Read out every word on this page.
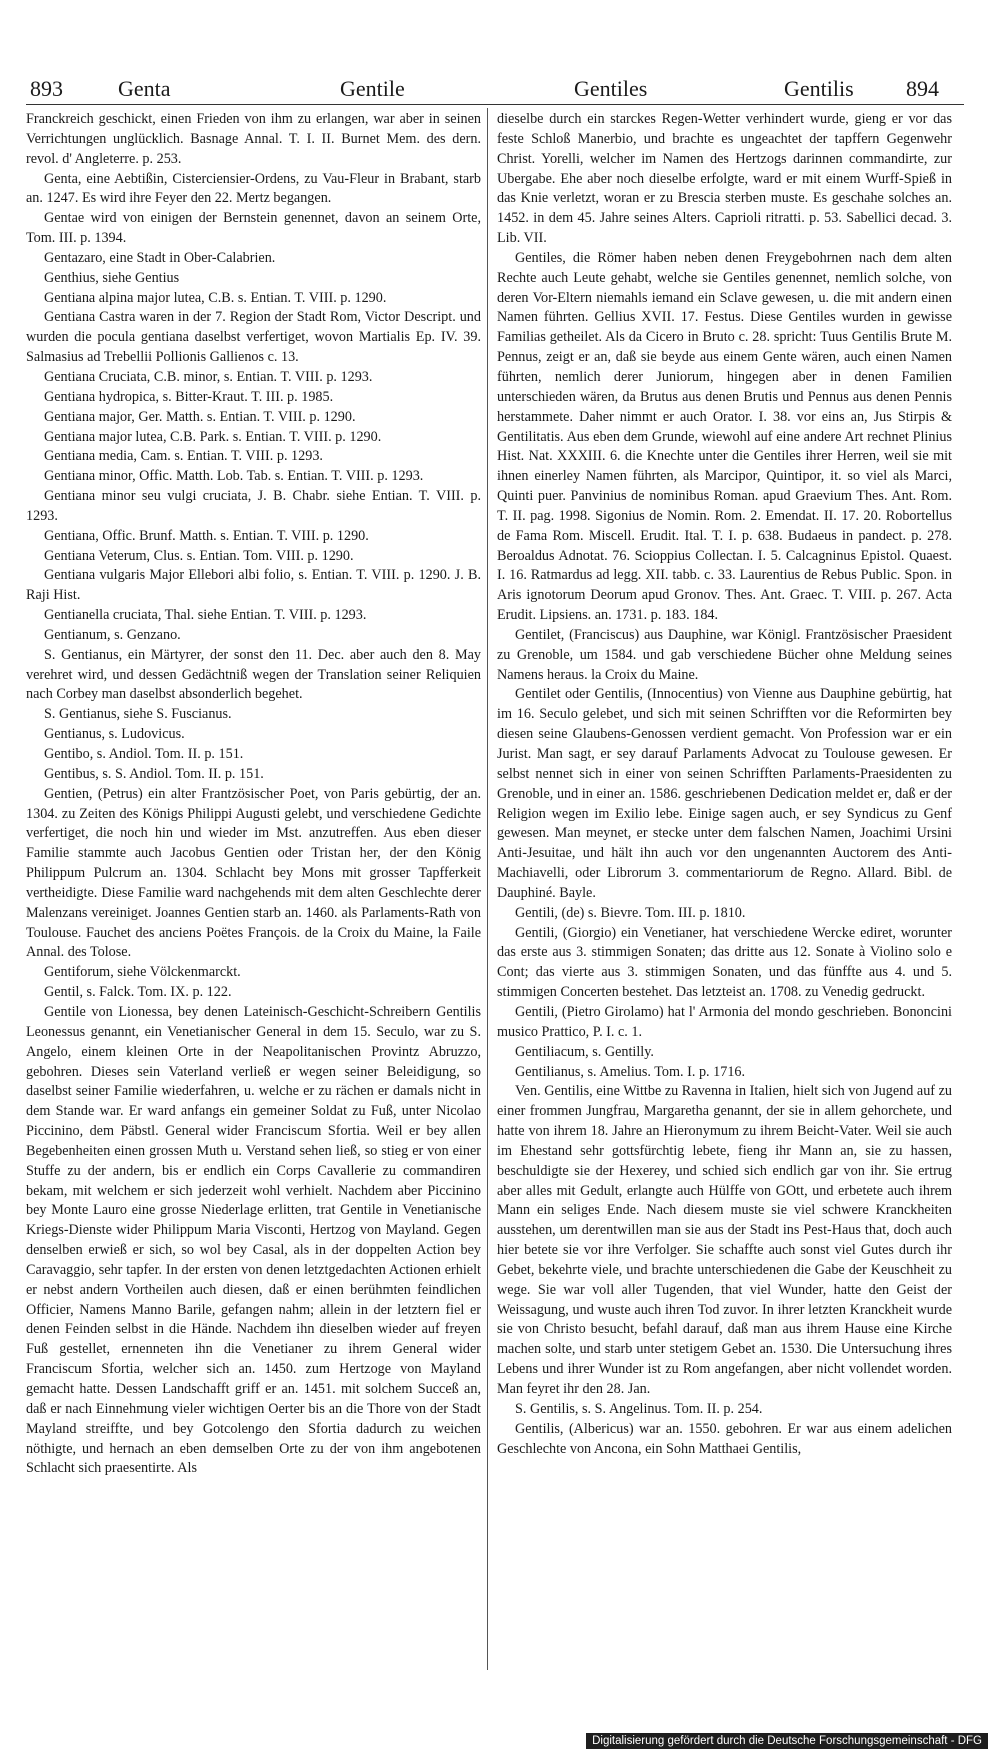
893	Genta	Gentile	Gentiles	Gentilis 894

Franckreich geschickt, einen Frieden von ihm zu erlangen, war aber in seinen Verrichtungen unglücklich. Basnage Annal. T. I. II. Burnet Mem. des dern. revol. d' Angleterre. p. 253.

Genta, eine Aebtißin, Cisterciensier-Ordens, zu Vau-Fleur in Brabant, starb an. 1247. Es wird ihre Feyer den 22. Mertz begangen.

Gentae wird von einigen der Bernstein genennet, davon an seinem Orte, Tom. III. p. 1394.

Gentazaro, eine Stadt in Ober-Calabrien.

Genthius, siehe Gentius

Gentiana alpina major lutea, C.B. s. Entian. T. VIII. p. 1290.

Gentiana Castra waren in der 7. Region der Stadt Rom, Victor Descript. und wurden die pocula gentiana daselbst verfertiget, wovon Martialis Ep. IV. 39. Salmasius ad Trebellii Pollionis Gallienos c. 13.

Gentiana Cruciata, C.B. minor, s. Entian. T. VIII. p. 1293.

Gentiana hydropica, s. Bitter-Kraut. T. III. p. 1985.

Gentiana major, Ger. Matth. s. Entian. T. VIII. p. 1290.

Gentiana major lutea, C.B. Park. s. Entian. T. VIII. p. 1290.

Gentiana media, Cam. s. Entian. T. VIII. p. 1293.

Gentiana minor, Offic. Matth. Lob. Tab. s. Entian. T. VIII. p. 1293.

Gentiana minor seu vulgi cruciata, J. B. Chabr. siehe Entian. T. VIII. p. 1293.

Gentiana, Offic. Brunf. Matth. s. Entian. T. VIII. p. 1290.

Gentiana Veterum, Clus. s. Entian. Tom. VIII. p. 1290.

Gentiana vulgaris Major Ellebori albi folio, s. Entian. T. VIII. p. 1290. J. B. Raji Hist.

Gentianella cruciata, Thal. siehe Entian. T. VIII. p. 1293.

Gentianum, s. Genzano.

S. Gentianus, ein Märtyrer, der sonst den 11. Dec. aber auch den 8. May verehret wird, und dessen Gedächtniß wegen der Translation seiner Reliquien nach Corbey man daselbst absonderlich begehet.

S. Gentianus, siehe S. Fuscianus.

Gentianus, s. Ludovicus.

Gentibo, s. Andiol. Tom. II. p. 151.

Gentibus, s. S. Andiol. Tom. II. p. 151.

Gentien, (Petrus) ein alter Frantzösischer Poet, von Paris gebürtig, der an. 1304. zu Zeiten des Königs Philippi Augusti gelebt, und verschiedene Gedichte verfertiget, die noch hin und wieder im Mst. anzutreffen. Aus eben dieser Familie stammte auch Jacobus Gentien oder Tristan her, der den König Philippum Pulcrum an. 1304. Schlacht bey Mons mit grosser Tapfferkeit vertheidigte. Diese Familie ward nachgehends mit dem alten Geschlechte derer Malenzans vereiniget. Joannes Gentien starb an. 1460. als Parlaments-Rath von Toulouse. Fauchet des anciens Poëtes François. de la Croix du Maine, la Faile Annal. des Tolose.

Gentiforum, siehe Völckenmarckt.

Gentil, s. Falck. Tom. IX. p. 122.

Gentile von Lionessa, bey denen Lateinisch-Geschicht-Schreibern Gentilis Leonessus genannt, ein Venetianischer General in dem 15. Seculo, war zu S. Angelo, einem kleinen Orte in der Neapolitanischen Provintz Abruzzo, gebohren. Dieses sein Vaterland verließ er wegen seiner Beleidigung, so daselbst seiner Familie wiederfahren, u. welche er zu rächen er damals nicht in dem Stande war. Er ward anfangs ein gemeiner Soldat zu Fuß, unter Nicolao Piccinino, dem Päbstl. General wider Franciscum Sfortia. Weil er bey allen Begebenheiten einen grossen Muth u. Verstand sehen ließ, so stieg er von einer Stuffe zu der andern, bis er endlich ein Corps Cavallerie zu commandiren bekam, mit welchem er sich jederzeit wohl verhielt. Nachdem aber Piccinino bey Monte Lauro eine grosse Niederlage erlitten, trat Gentile in Venetianische Kriegs-Dienste wider Philippum Maria Visconti, Hertzog von Mayland. Gegen denselben erwieß er sich, so wol bey Casal, als in der doppelten Action bey Caravaggio, sehr tapfer. In der ersten von denen letztgedachten Actionen erhielt er nebst andern Vortheilen auch diesen, daß er einen berühmten feindlichen Officier, Namens Manno Barile, gefangen nahm; allein in der letztern fiel er denen Feinden selbst in die Hände. Nachdem ihn dieselben wieder auf freyen Fuß gestellet, ernenneten ihn die Venetianer zu ihrem General wider Franciscum Sfortia, welcher sich an. 1450. zum Hertzoge von Mayland gemacht hatte. Dessen Landschafft griff er an. 1451. mit solchem Succeß an, daß er nach Einnehmung vieler wichtigen Oerter bis an die Thore von der Stadt Mayland streiffte, und bey Gotcolengo den Sfortia dadurch zu weichen nöthigte, und hernach an eben demselben Orte zu der von ihm angebotenen Schlacht sich praesentirte. Als

dieselbe durch ein starckes Regen-Wetter verhindert wurde, gieng er vor das feste Schloß Manerbio, und brachte es ungeachtet der tapffern Gegenwehr Christ. Yorelli, welcher im Namen des Hertzogs darinnen commandirte, zur Ubergabe. Ehe aber noch dieselbe erfolgte, ward er mit einem Wurff-Spieß in das Knie verletzt, woran er zu Brescia sterben muste. Es geschahe solches an. 1452. in dem 45. Jahre seines Alters. Caprioli ritratti. p. 53. Sabellici decad. 3. Lib. VII.

Gentiles, die Römer haben neben denen Freygebohrnen nach dem alten Rechte auch Leute gehabt, welche sie Gentiles genennet, nemlich solche, von deren Vor-Eltern niemahls iemand ein Sclave gewesen, u. die mit andern einen Namen führten. Gellius XVII. 17. Festus. Diese Gentiles wurden in gewisse Familias getheilet. Als da Cicero in Bruto c. 28. spricht: Tuus Gentilis Brute M. Pennus, zeigt er an, daß sie beyde aus einem Gente wären, auch einen Namen führten, nemlich derer Juniorum, hingegen aber in denen Familien unterschieden wären, da Brutus aus denen Brutis und Pennus aus denen Pennis herstammete. Daher nimmt er auch Orator. I. 38. vor eins an, Jus Stirpis & Gentilitatis. Aus eben dem Grunde, wiewohl auf eine andere Art rechnet Plinius Hist. Nat. XXXIII. 6. die Knechte unter die Gentiles ihrer Herren, weil sie mit ihnen einerley Namen führten, als Marcipor, Quintipor, it. so viel als Marci, Quinti puer. Panvinius de nominibus Roman. apud Graevium Thes. Ant. Rom. T. II. pag. 1998. Sigonius de Nomin. Rom. 2. Emendat. II. 17. 20. Robortellus de Fama Rom. Miscell. Erudit. Ital. T. I. p. 638. Budaeus in pandect. p. 278. Beroaldus Adnotat. 76. Scioppius Collectan. I. 5. Calcagninus Epistol. Quaest. I. 16. Ratmardus ad legg. XII. tabb. c. 33. Laurentius de Rebus Public. Spon. in Aris ignotorum Deorum apud Gronov. Thes. Ant. Graec. T. VIII. p. 267. Acta Erudit. Lipsiens. an. 1731. p. 183. 184.

Gentilet, (Franciscus) aus Dauphine, war Königl. Frantzösischer Praesident zu Grenoble, um 1584. und gab verschiedene Bücher ohne Meldung seines Namens heraus. la Croix du Maine.

Gentilet oder Gentilis, (Innocentius) von Vienne aus Dauphine gebürtig, hat im 16. Seculo gelebet, und sich mit seinen Schrifften vor die Reformirten bey diesen seine Glaubens-Genossen verdient gemacht. Von Profession war er ein Jurist. Man sagt, er sey darauf Parlaments Advocat zu Toulouse gewesen. Er selbst nennet sich in einer von seinen Schrifften Parlaments-Praesidenten zu Grenoble, und in einer an. 1586. geschriebenen Dedication meldet er, daß er der Religion wegen im Exilio lebe. Einige sagen auch, er sey Syndicus zu Genf gewesen. Man meynet, er stecke unter dem falschen Namen, Joachimi Ursini Anti-Jesuitae, und hält ihn auch vor den ungenannten Auctorem des Anti-Machiavelli, oder Librorum 3. commentariorum de Regno. Allard. Bibl. de Dauphiné. Bayle.

Gentili, (de) s. Bievre. Tom. III. p. 1810.

Gentili, (Giorgio) ein Venetianer, hat verschiedene Wercke ediret, worunter das erste aus 3. stimmigen Sonaten; das dritte aus 12. Sonate à Violino solo e Cont; das vierte aus 3. stimmigen Sonaten, und das fünffte aus 4. und 5. stimmigen Concerten bestehet. Das letzteist an. 1708. zu Venedig gedruckt.

Gentili, (Pietro Girolamo) hat l' Armonia del mondo geschrieben. Bononcini musico Prattico, P. I. c. 1.

Gentiliacum, s. Gentilly.

Gentilianus, s. Amelius. Tom. I. p. 1716.

Ven. Gentilis, eine Wittbe zu Ravenna in Italien, hielt sich von Jugend auf zu einer frommen Jungfrau, Margaretha genannt, der sie in allem gehorchete, und hatte von ihrem 18. Jahre an Hieronymum zu ihrem Beicht-Vater. Weil sie auch im Ehestand sehr gottsfürchtig lebete, fieng ihr Mann an, sie zu hassen, beschuldigte sie der Hexerey, und schied sich endlich gar von ihr. Sie ertrug aber alles mit Gedult, erlangte auch Hülffe von GOtt, und erbetete auch ihrem Mann ein seliges Ende. Nach diesem muste sie viel schwere Kranckheiten ausstehen, um derentwillen man sie aus der Stadt ins Pest-Haus that, doch auch hier betete sie vor ihre Verfolger. Sie schaffte auch sonst viel Gutes durch ihr Gebet, bekehrte viele, und brachte unterschiedenen die Gabe der Keuschheit zu wege. Sie war voll aller Tugenden, that viel Wunder, hatte den Geist der Weissagung, und wuste auch ihren Tod zuvor. In ihrer letzten Kranckheit wurde sie von Christo besucht, befahl darauf, daß man aus ihrem Hause eine Kirche machen solte, und starb unter stetigem Gebet an. 1530. Die Untersuchung ihres Lebens und ihrer Wunder ist zu Rom angefangen, aber nicht vollendet worden. Man feyret ihr den 28. Jan.

S. Gentilis, s. S. Angelinus. Tom. II. p. 254.

Gentilis, (Albericus) war an. 1550. gebohren. Er war aus einem adelichen Geschlechte von Ancona, ein Sohn Matthaei Gentilis,

Digitalisierung gefördert durch die Deutsche Forschungsgemeinschaft - DFG
